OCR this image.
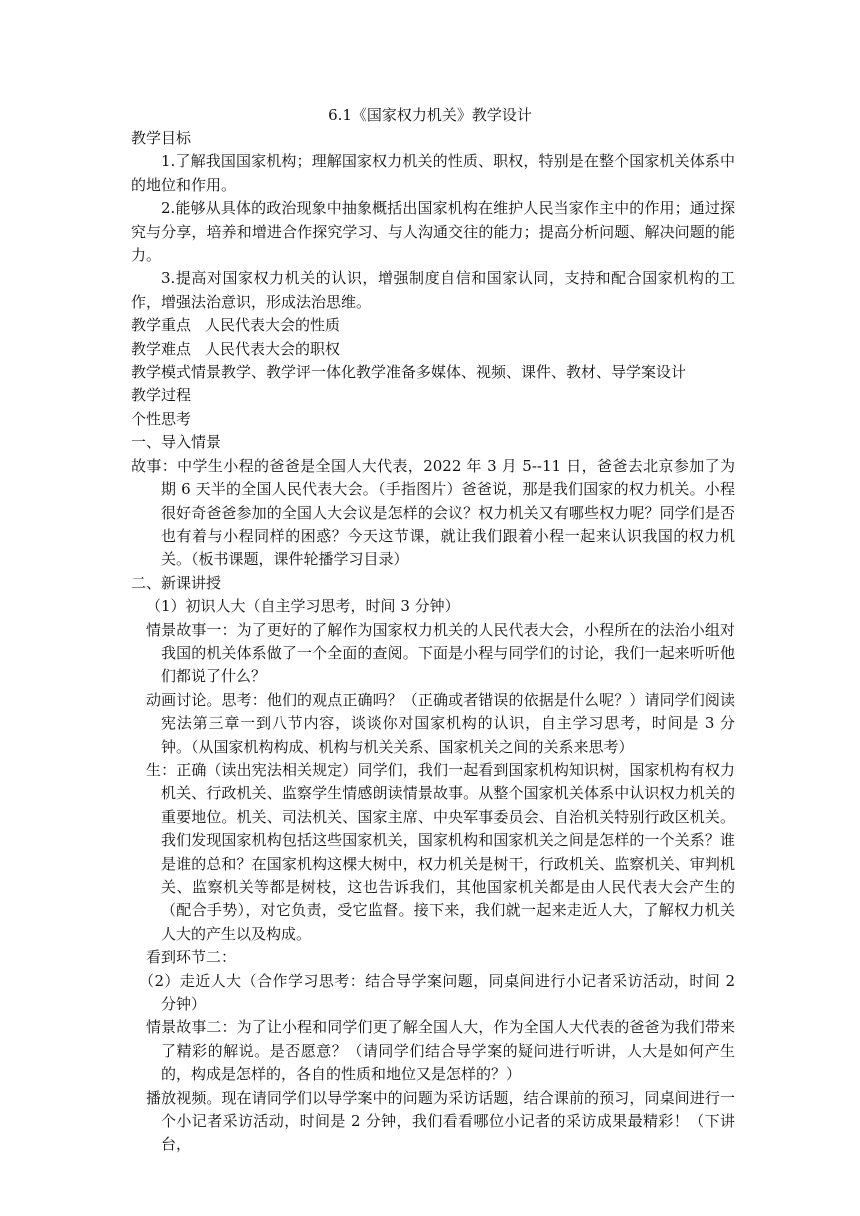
6.1《国家权力机关》教学设计

教学目标

1.了解我国国家机构；理解国家权力机关的性质、职权，特别是在整个国家机关体系中的地位和作用。

2.能够从具体的政治现象中抽象概括出国家机构在维护人民当家作主中的作用；通过探究与分享，培养和增进合作探究学习、与人沟通交往的能力；提高分析问题、解决问题的能力。

3.提高对国家权力机关的认识，增强制度自信和国家认同，支持和配合国家机构的工作，增强法治意识，形成法治思维。

教学重点 人民代表大会的性质

教学难点 人民代表大会的职权

教学模式情景教学、教学评一体化教学准备多媒体、视频、课件、教材、导学案设计

教学过程

个性思考

一、导入情景

故事：中学生小程的爸爸是全国人大代表，2022 年 3 月 5--11 日，爸爸去北京参加了为期 6 天半的全国人民代表大会。（手指图片）爸爸说，那是我们国家的权力机关。小程很好奇爸爸参加的全国人大会议是怎样的会议？权力机关又有哪些权力呢？同学们是否也有着与小程同样的困惑？今天这节课，就让我们跟着小程一起来认识我国的权力机关。（板书课题，课件轮播学习目录）

二、新课讲授

（1）初识人大（自主学习思考，时间 3 分钟）

情景故事一：为了更好的了解作为国家权力机关的人民代表大会，小程所在的法治小组对我国的机关体系做了一个全面的查阅。下面是小程与同学们的讨论，我们一起来听听他们都说了什么？

动画讨论。思考：他们的观点正确吗？（正确或者错误的依据是什么呢？）请同学们阅读宪法第三章一到八节内容，谈谈你对国家机构的认识，自主学习思考，时间是 3 分钟。（从国家机构构成、机构与机关关系、国家机关之间的关系来思考）

生：正确（读出宪法相关规定）同学们，我们一起看到国家机构知识树，国家机构有权力机关、行政机关、监察学生情感朗读情景故事。从整个国家机关体系中认识权力机关的重要地位。机关、司法机关、国家主席、中央军事委员会、自治机关特别行政区机关。我们发现国家机构包括这些国家机关，国家机构和国家机关之间是怎样的一个关系？谁是谁的总和？在国家机构这棵大树中，权力机关是树干，行政机关、监察机关、审判机关、监察机关等都是树枝，这也告诉我们，其他国家机关都是由人民代表大会产生的（配合手势），对它负责，受它监督。接下来，我们就一起来走近人大，了解权力机关人大的产生以及构成。

看到环节二：

（2）走近人大（合作学习思考：结合导学案问题，同桌间进行小记者采访活动，时间 2 分钟）

情景故事二：为了让小程和同学们更了解全国人大，作为全国人大代表的爸爸为我们带来了精彩的解说。是否愿意？（请同学们结合导学案的疑问进行听讲，人大是如何产生的，构成是怎样的，各自的性质和地位又是怎样的？）

播放视频。现在请同学们以导学案中的问题为采访话题，结合课前的预习，同桌间进行一个小记者采访活动，时间是 2 分钟，我们看看哪位小记者的采访成果最精彩！（下讲台，
